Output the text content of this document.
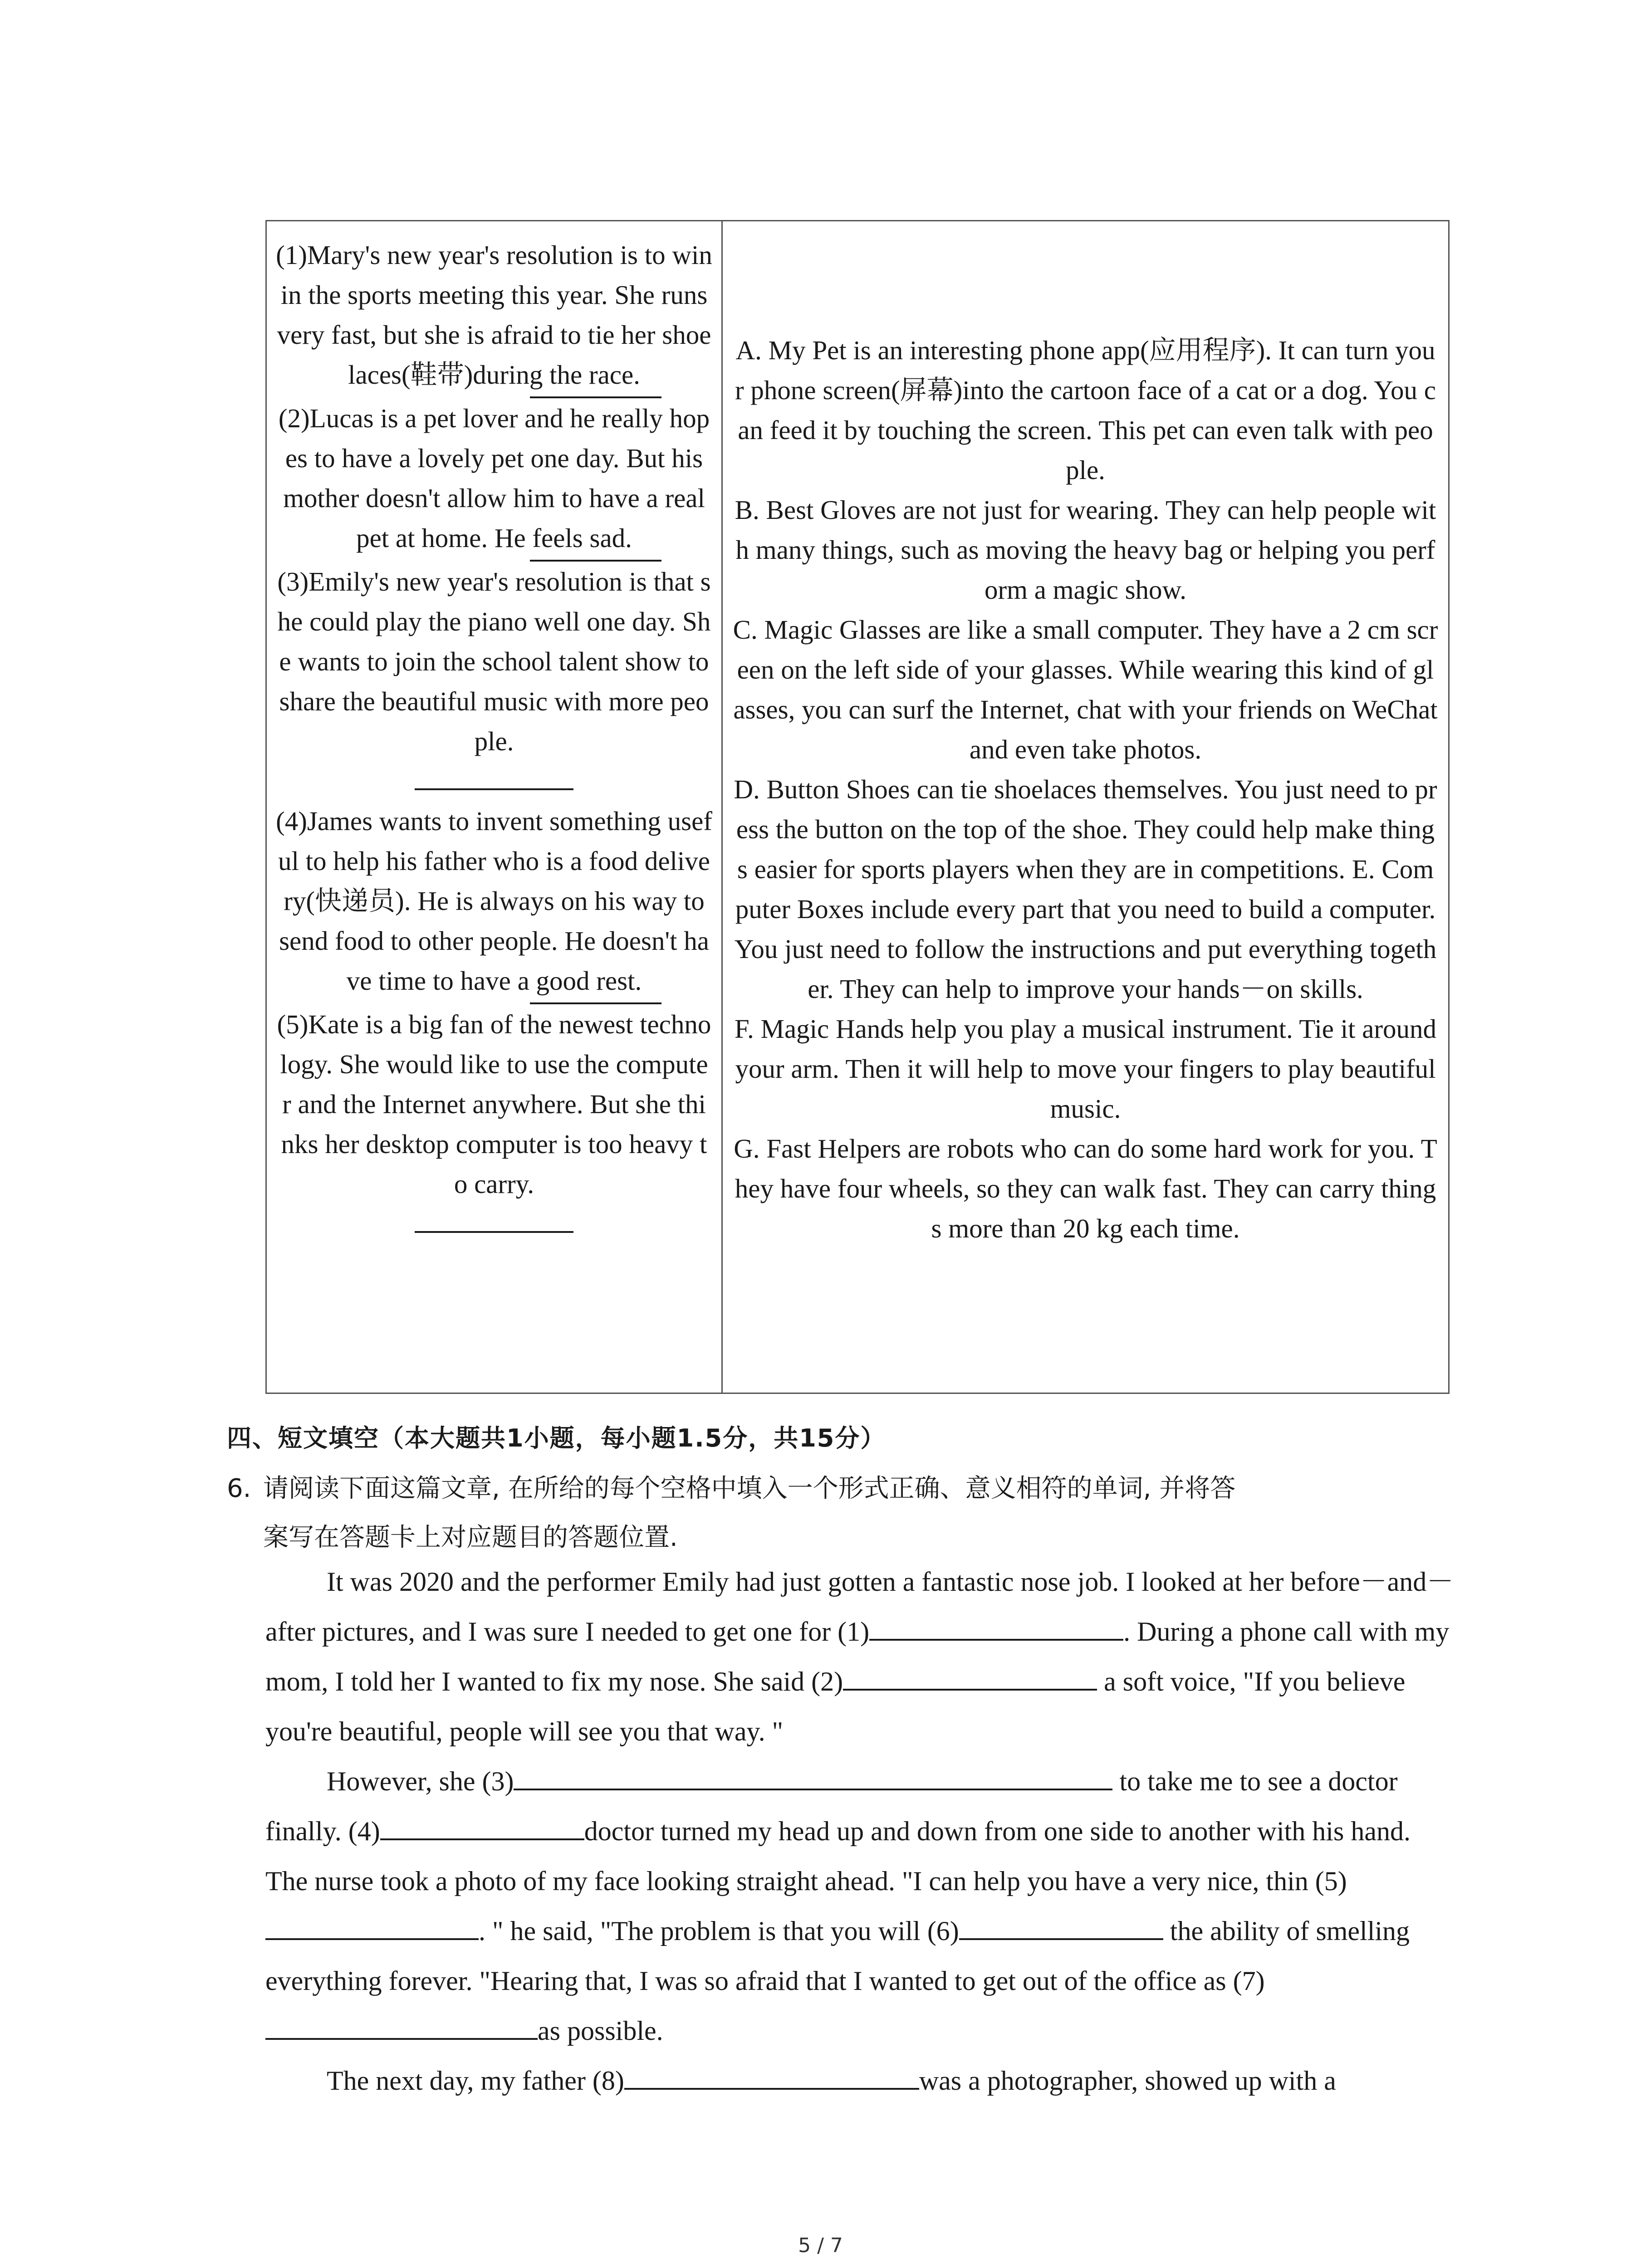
(1)Mary's new year's resolution is to win in the sports meeting this year. She runs very fast, but she is afraid to tie her shoelaces(鞋带)during the race.
(2)Lucas is a pet lover and he really hopes to have a lovely pet one day. But his mother doesn't allow him to have a real pet at home. He feels sad.
(3)Emily's new year's resolution is that she could play the piano well one day. She wants to join the school talent show to share the beautiful music with more people.
(4)James wants to invent something useful to help his father who is a food delivery(快递员). He is always on his way to send food to other people. He doesn't have time to have a good rest.
(5)Kate is a big fan of the newest technology. She would like to use the computer and the Internet anywhere. But she thinks her desktop computer is too heavy to carry.
A. My Pet is an interesting phone app(应用程序). It can turn your phone screen(屏幕)into the cartoon face of a cat or a dog. You can feed it by touching the screen. This pet can even talk with people.
B. Best Gloves are not just for wearing. They can help people with many things, such as moving the heavy bag or helping you perform a magic show.
C. Magic Glasses are like a small computer. They have a 2 cm screen on the left side of your glasses. While wearing this kind of glasses, you can surf the Internet, chat with your friends on WeChat and even take photos.
D. Button Shoes can tie shoelaces themselves. You just need to press the button on the top of the shoe. They could help make things easier for sports players when they are in competitions. E. Computer Boxes include every part that you need to build a computer. You just need to follow the instructions and put everything together. They can help to improve your hands－on skills.
F. Magic Hands help you play a musical instrument. Tie it around your arm. Then it will help to move your fingers to play beautiful music.
G. Fast Helpers are robots who can do some hard work for you. They have four wheels, so they can walk fast. They can carry things more than 20 kg each time.
四、短文填空（本大题共1小题，每小题1.5分，共15分）
6. 请阅读下面这篇文章, 在所给的每个空格中填入一个形式正确、意义相符的单词, 并将答
案写在答题卡上对应题目的答题位置.

It was 2020 and the performer Emily had just gotten a fantastic nose job. I looked at her before－and－after pictures, and I was sure I needed to get one for (1)	. During a phone call with my mom, I told her I wanted to fix my nose. She said (2)	a soft voice, "If you believe you're beautiful, people will see you that way. "

However, she (3)	to take me to see a doctor finally. (4)	doctor turned my head up and down from one side to another with his hand. The nurse took a photo of my face looking straight ahead. "I can help you have a very nice, thin (5). " he said, "The problem is that you will (6)	the ability of smelling everything forever. "Hearing that, I was so afraid that I wanted to get out of the office as (7)as possible.

The next day, my father (8)	was a photographer, showed up with a

5 / 7
